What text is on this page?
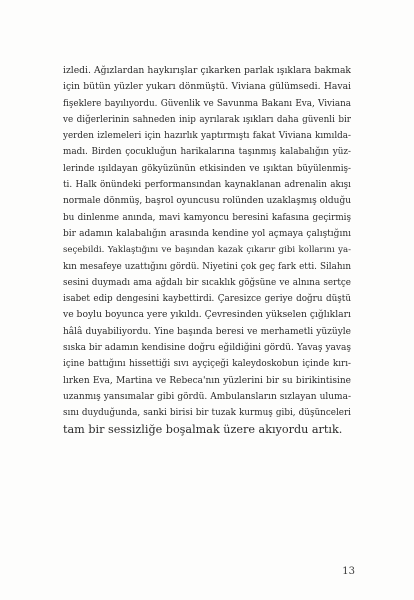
izledi. Ağızlardan haykırışlar çıkarken parlak ışıklara bakmak
için bütün yüzler yukarı dönmüştü. Viviana gülümsedi. Havai
fişeklere bayılıyordu. Güvenlik ve Savunma Bakanı Eva, Viviana
ve diğerlerinin sahneden inip ayrılarak ışıkları daha güvenli bir
yerden izlemeleri için hazırlık yaptırmıştı fakat Viviana kımılda-
madı. Birden çocukluğun harikalarına taşınmış kalabalığın yüz-
lerinde ışıldayan gökyüzünün etkisinden ve ışıktan büyülenmiş-
ti. Halk önündeki performansından kaynaklanan adrenalin akışı
normale dönmüş, başrol oyuncusu rolünden uzaklaşmış olduğu
bu dinlenme anında, mavi kamyoncu beresini kafasına geçirmiş
bir adamın kalabalığın arasında kendine yol açmaya çalıştığını
seçebildi. Yaklaştığını ve başından kazak çıkarır gibi kollarını ya-
kın mesafeye uzattığını gördü. Niyetini çok geç fark etti. Silahın
sesini duymadı ama ağdalı bir sıcaklık göğsüne ve alnına sertçe
isabet edip dengesini kaybettirdi. Çaresizce geriye doğru düştü
ve boylu boyunca yere yıkıldı. Çevresinden yükselen çığlıkları
hâlâ duyabiliyordu. Yine başında beresi ve merhametli yüzüyle
sıska bir adamın kendisine doğru eğildiğini gördü. Yavaş yavaş
içine battığını hissettiği sıvı ayçiçeği kaleydoskobun içinde kırı-
lırken Eva, Martina ve Rebeca'nın yüzlerini bir su birikintisine
uzanmış yansımalar gibi gördü. Ambulansların sızlayan uluma-
sını duyduğunda, sanki birisi bir tuzak kurmuş gibi, düşünceleri
tam bir sessizliğe boşalmak üzere akıyordu artık.
13
